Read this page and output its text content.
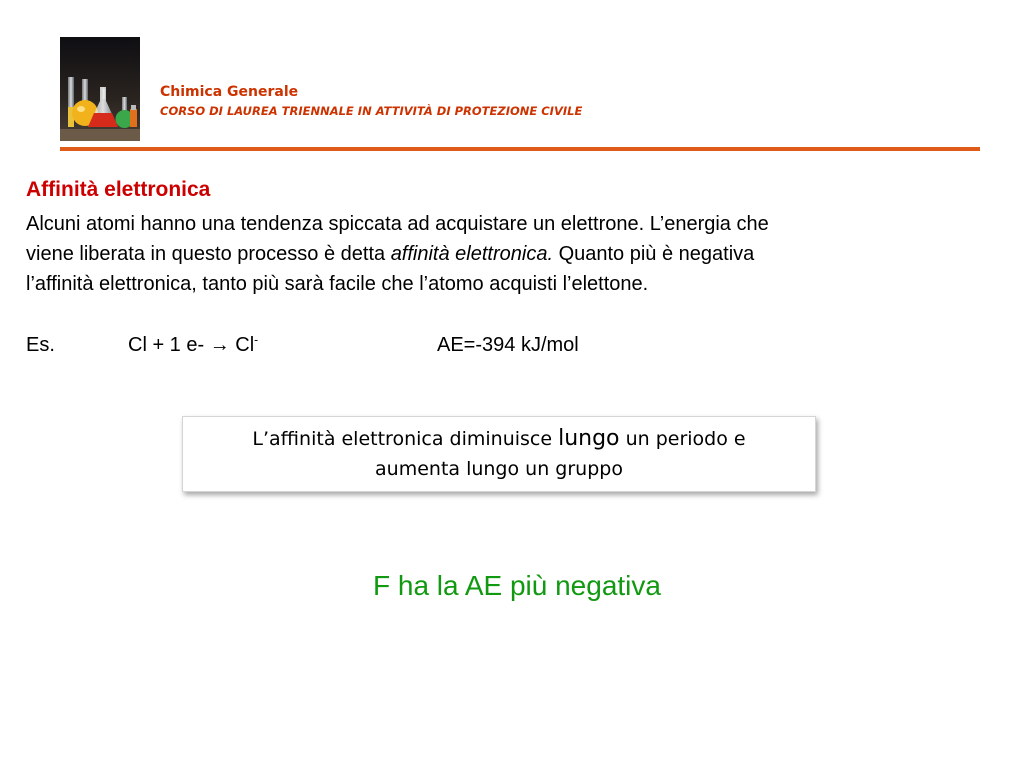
Chimica Generale
CORSO DI LAUREA TRIENNALE IN ATTIVITÀ DI PROTEZIONE CIVILE
Affinità elettronica
Alcuni atomi hanno una tendenza spiccata ad acquistare un elettrone. L’energia che
viene liberata in questo processo è detta affinità elettronica. Quanto più è negativa
l’affinità elettronica, tanto più sarà facile che l’atomo acquisti l’elettone.
Es.	Cl + 1 e- → Cl-	AE=-394 kJ/mol
L’affinità elettronica diminuisce lungo un periodo e
aumenta lungo un gruppo
F ha la AE più negativa
